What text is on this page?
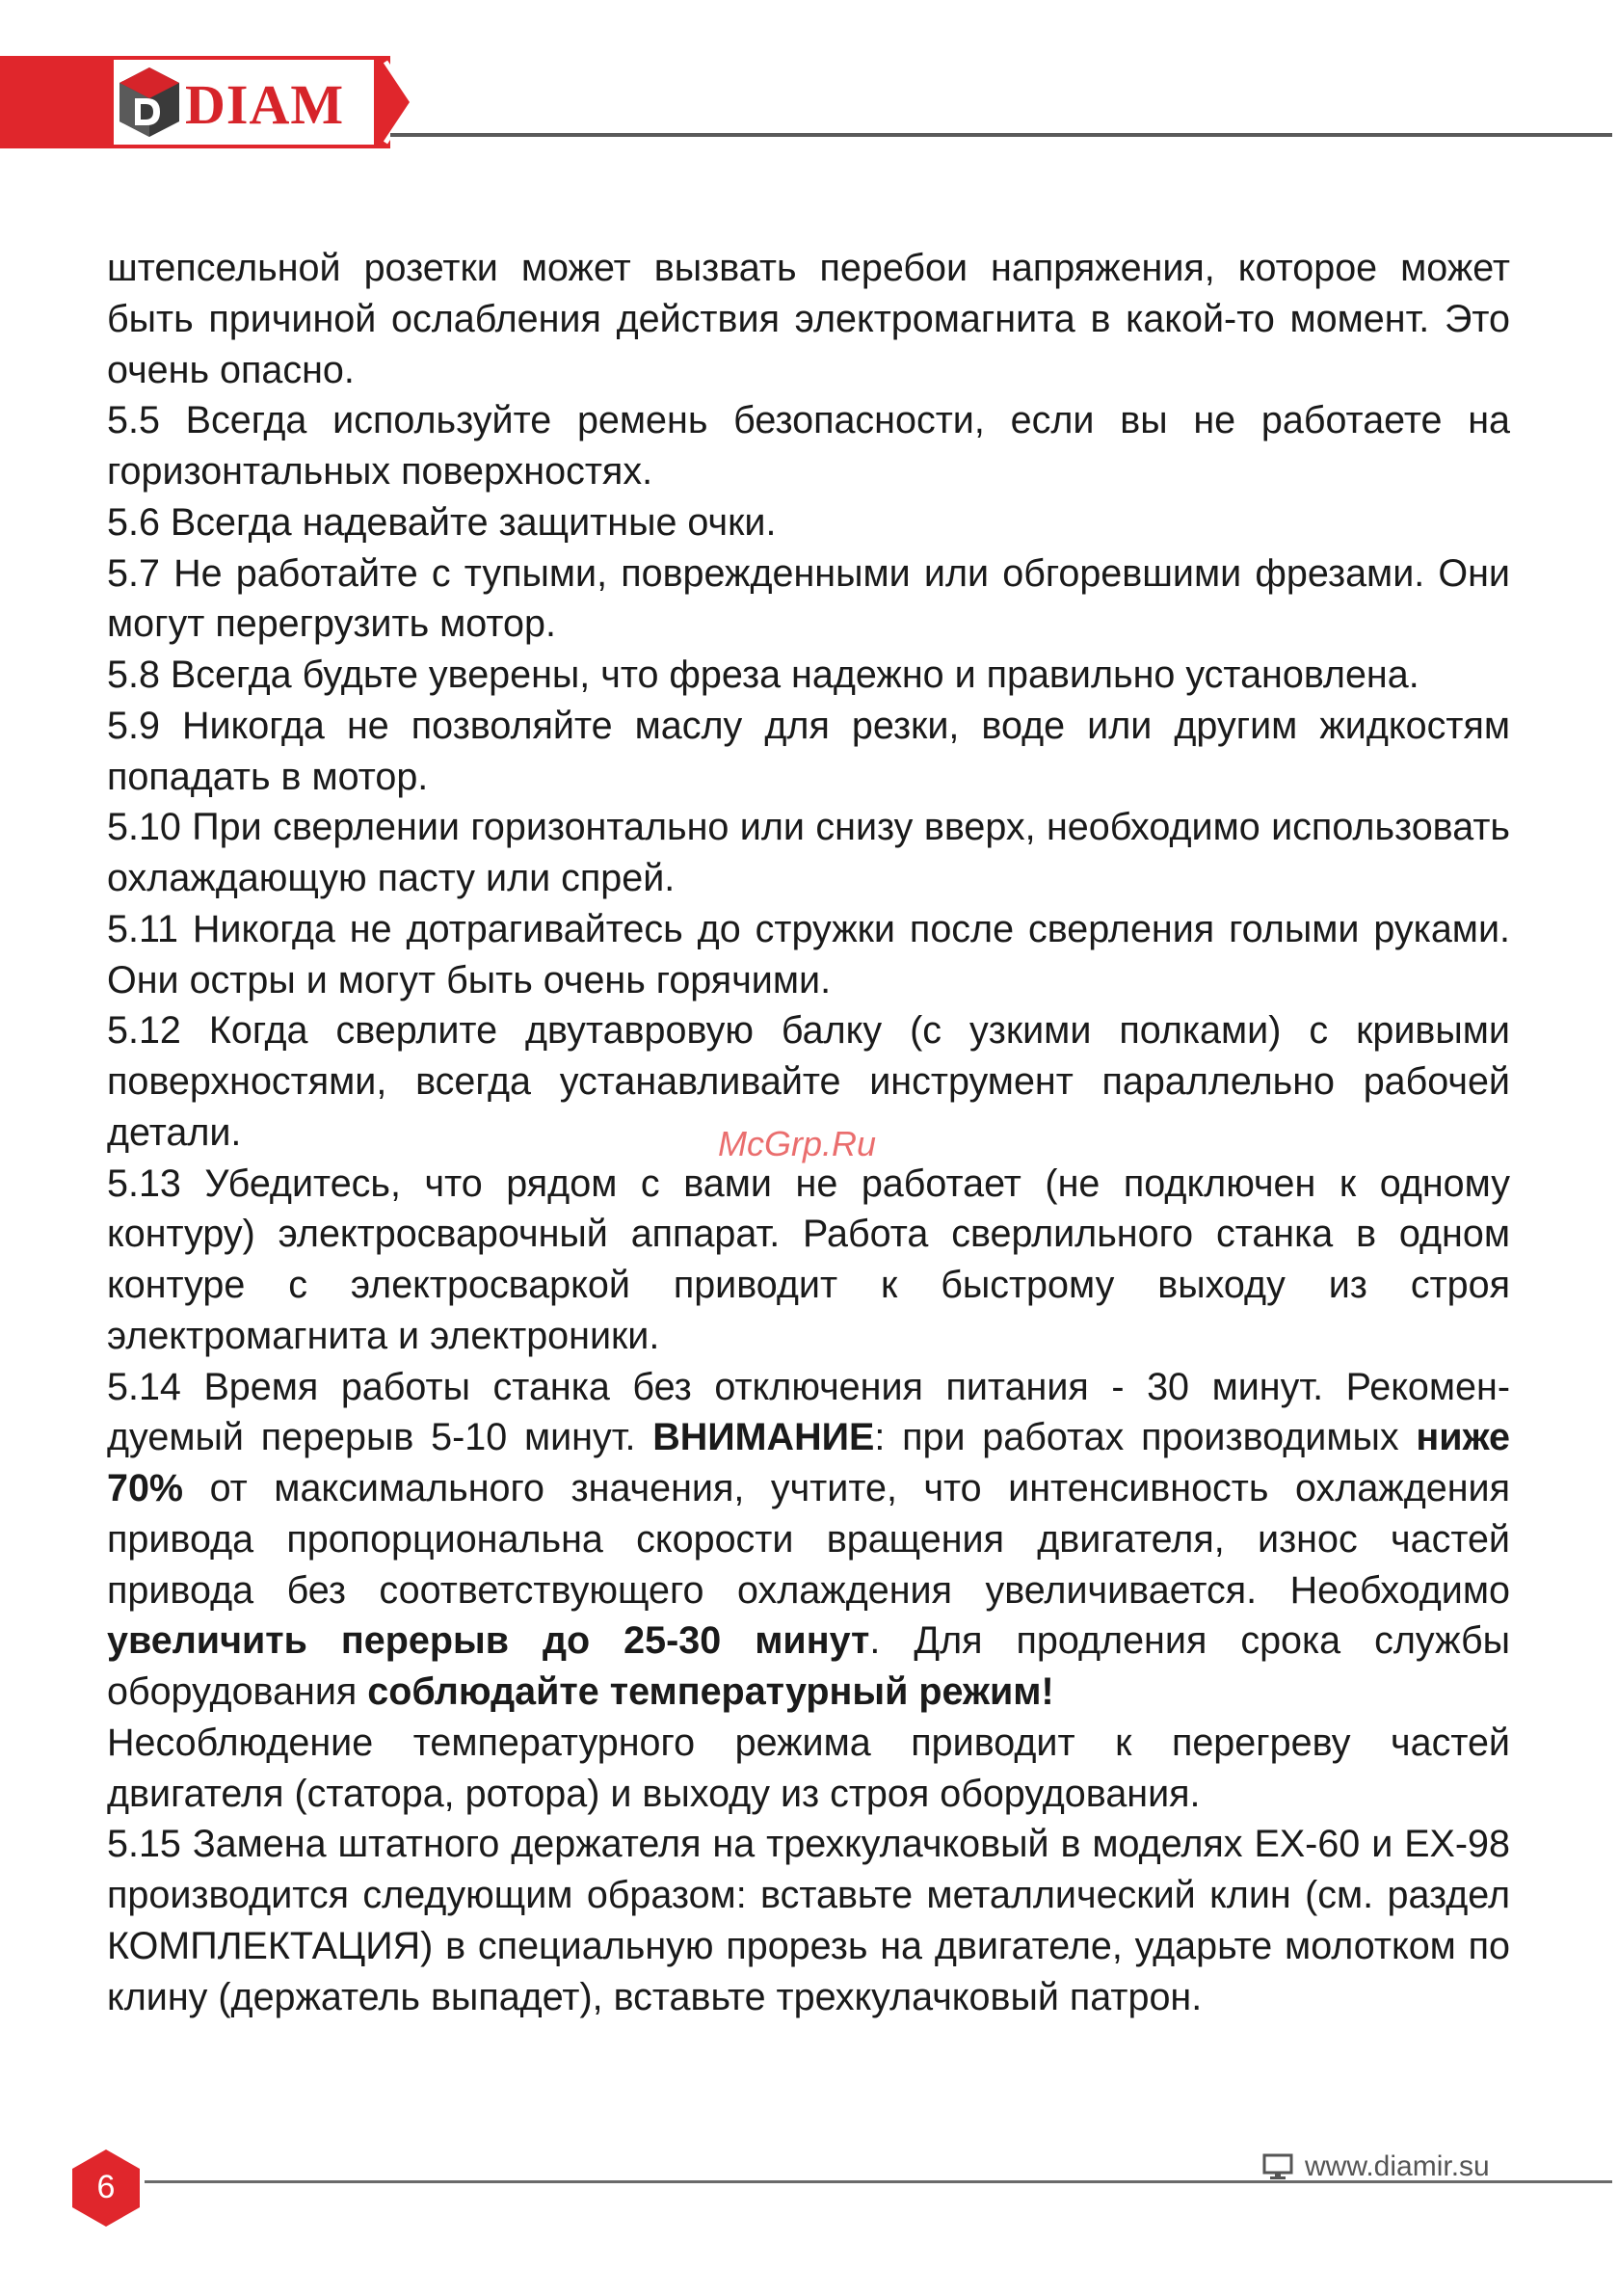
DIAM

штепсельной розетки может вызвать перебои напряжения, которое может быть причиной ослабления действия электромагнита в какой-то момент. Это очень опасно.

5.5 Всегда используйте ремень безопасности, если вы не работаете на горизонтальных поверхностях.

5.6 Всегда надевайте защитные очки.

5.7 Не работайте с тупыми, поврежденными или обгоревшими фрезами. Они могут перегрузить мотор.

5.8 Всегда будьте уверены, что фреза надежно и правильно установлена.

5.9 Никогда не позволяйте маслу для резки, воде или другим жидкостям попадать в мотор.

5.10 При сверлении горизонтально или снизу вверх, необходимо использовать охлаждающую пасту или спрей.

5.11 Никогда не дотрагивайтесь до стружки после сверления голыми руками. Они остры и могут быть очень горячими.

5.12 Когда сверлите двутавровую балку (с узкими полками) с кривыми поверхностями, всегда устанавливайте инструмент параллельно рабочей детали.

5.13 Убедитесь, что рядом с вами не работает (не подключен к одному контуру) электросварочный аппарат. Работа сверлильного станка в одном контуре с электросваркой приводит к быстрому выходу из строя электромагнита и электроники.

5.14 Время работы станка без отключения питания - 30 минут. Рекомендуемый перерыв 5-10 минут. ВНИМАНИЕ: при работах производимых ниже 70% от максимального значения, учтите, что интенсивность охлаждения привода пропорциональна скорости вращения двигателя, износ частей привода без соответствующего охлаждения увеличивается. Необходимо увеличить перерыв до 25-30 минут. Для продления срока службы оборудования соблюдайте температурный режим!

Несоблюдение температурного режима приводит к перегреву частей двигателя (статора, ротора) и выходу из строя оборудования.

5.15 Замена штатного держателя на трехкулачковый в моделях EX-60 и EX-98 производится следующим образом: вставьте металлический клин (см. раздел КОМПЛЕКТАЦИЯ) в специальную прорезь на двигателе, ударьте молотком по клину (держатель выпадет), вставьте трехкулачковый патрон.

McGrp.Ru
6
www.diamir.su
